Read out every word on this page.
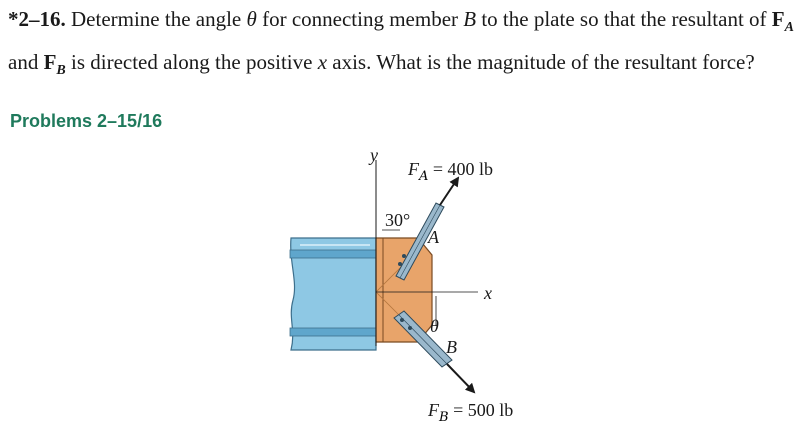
*2–16. Determine the angle θ for connecting member B to the plate so that the resultant of $F_A$
and $F_B$ is directed along the positive x axis. What is the magnitude of the resultant force?
Problems 2–15/16
y
30°
A
$F_A = 400$ lb
x
θ
B
$F_B = 500$ lb
